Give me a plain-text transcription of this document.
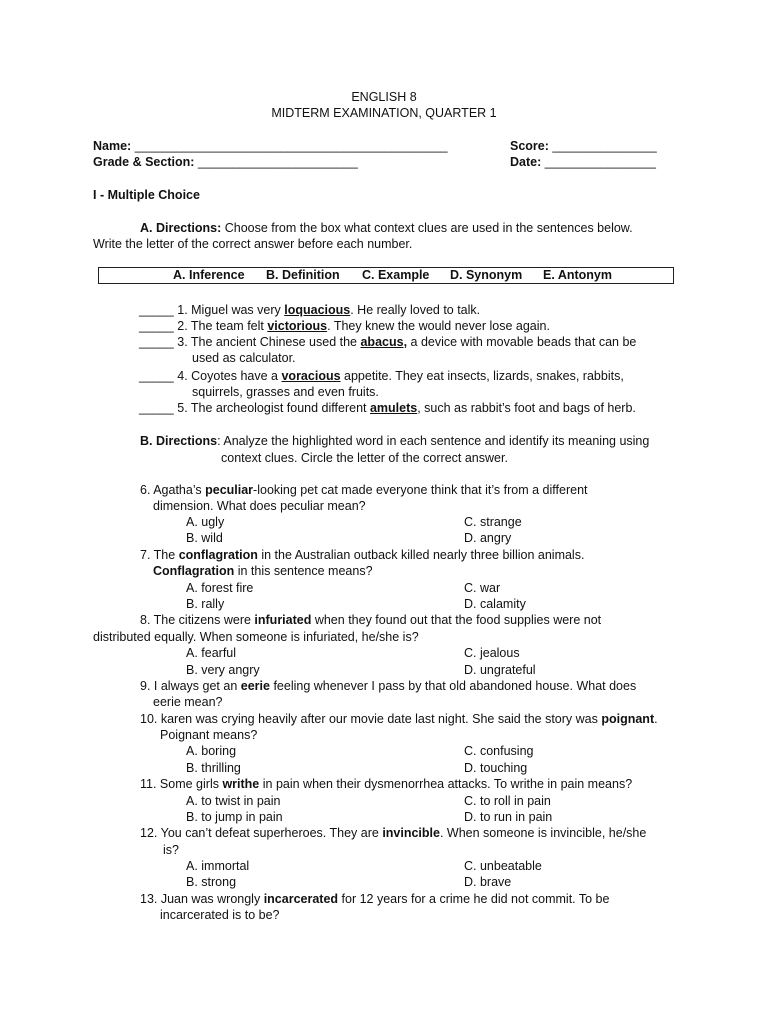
ENGLISH 8
MIDTERM EXAMINATION, QUARTER 1
Name: _____________________________________________	Score: _______________
Grade & Section: _______________________	Date: ________________
I - Multiple Choice
A. Directions: Choose from the box what context clues are used in the sentences below.
Write the letter of the correct answer before each number.
A. Inference B. Definition C. Example D. Synonym E. Antonym
_____ 1. Miguel was very loquacious. He really loved to talk.
_____ 2. The team felt victorious. They knew the would never lose again.
_____ 3. The ancient Chinese used the abacus, a device with movable beads that can be
used as calculator.
_____ 4. Coyotes have a voracious appetite. They eat insects, lizards, snakes, rabbits,
squirrels, grasses and even fruits.
_____ 5. The archeologist found different amulets, such as rabbit’s foot and bags of herb.
B. Directions: Analyze the highlighted word in each sentence and identify its meaning using
context clues. Circle the letter of the correct answer.
6. Agatha’s peculiar-looking pet cat made everyone think that it’s from a different
dimension. What does peculiar mean?
A. ugly	C. strange
B. wild	D. angry
7. The conflagration in the Australian outback killed nearly three billion animals.
Conflagration in this sentence means?
A. forest fire	C. war
B. rally	D. calamity
8. The citizens were infuriated when they found out that the food supplies were not
distributed equally. When someone is infuriated, he/she is?
A. fearful	C. jealous
B. very angry	D. ungrateful
9. I always get an eerie feeling whenever I pass by that old abandoned house. What does
eerie mean?
10. karen was crying heavily after our movie date last night. She said the story was poignant.
Poignant means?
A. boring	C. confusing
B. thrilling	D. touching
11. Some girls writhe in pain when their dysmenorrhea attacks. To writhe in pain means?
A. to twist in pain	C. to roll in pain
B. to jump in pain	D. to run in pain
12. You can’t defeat superheroes. They are invincible. When someone is invincible, he/she
is?
A. immortal	C. unbeatable
B. strong	D. brave
13. Juan was wrongly incarcerated for 12 years for a crime he did not commit. To be
incarcerated is to be?
